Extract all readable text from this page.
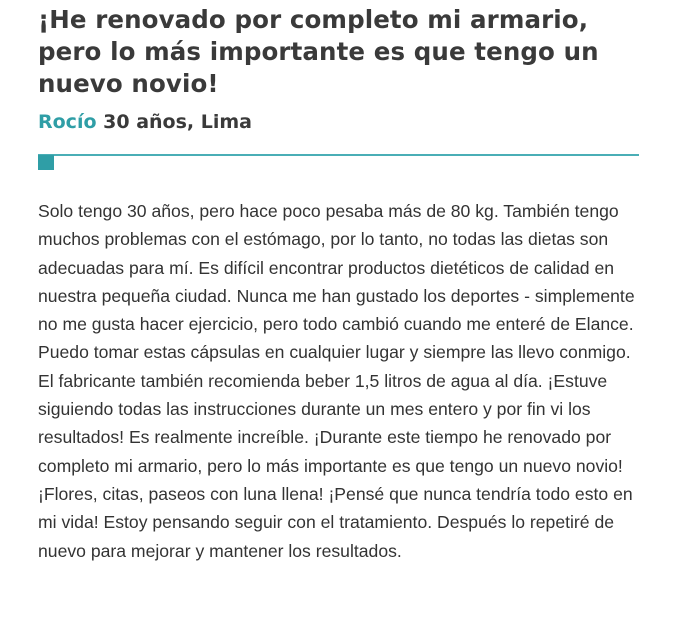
¡He renovado por completo mi armario, pero lo más importante es que tengo un nuevo novio!

Rocío 30 años, Lima

Solo tengo 30 años, pero hace poco pesaba más de 80 kg. También tengo muchos problemas con el estómago, por lo tanto, no todas las dietas son adecuadas para mí. Es difícil encontrar productos dietéticos de calidad en nuestra pequeña ciudad. Nunca me han gustado los deportes - simplemente no me gusta hacer ejercicio, pero todo cambió cuando me enteré de Elance. Puedo tomar estas cápsulas en cualquier lugar y siempre las llevo conmigo. El fabricante también recomienda beber 1,5 litros de agua al día. ¡Estuve siguiendo todas las instrucciones durante un mes entero y por fin vi los resultados! Es realmente increíble. ¡Durante este tiempo he renovado por completo mi armario, pero lo más importante es que tengo un nuevo novio! ¡Flores, citas, paseos con luna llena! ¡Pensé que nunca tendría todo esto en mi vida! Estoy pensando seguir con el tratamiento. Después lo repetiré de nuevo para mejorar y mantener los resultados.
